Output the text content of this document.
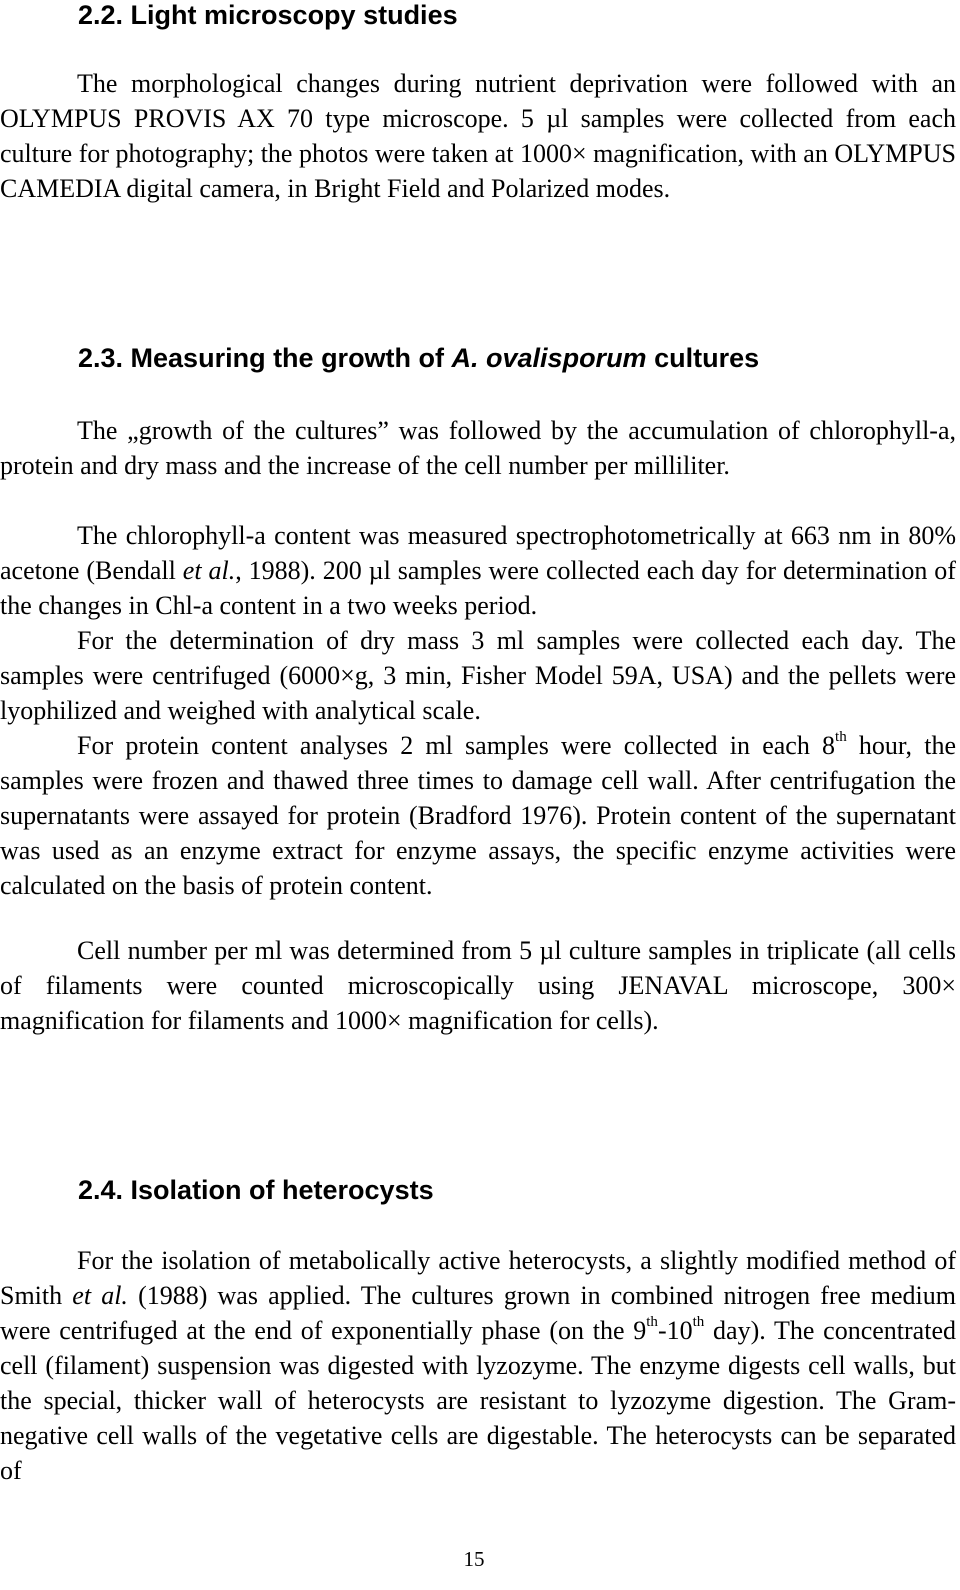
2.2. Light microscopy studies

The morphological changes during nutrient deprivation were followed with an OLYMPUS PROVIS AX 70 type microscope. 5 µl samples were collected from each culture for photography; the photos were taken at 1000× magnification, with an OLYMPUS CAMEDIA digital camera, in Bright Field and Polarized modes.

2.3. Measuring the growth of A. ovalisporum cultures

The „growth of the cultures” was followed by the accumulation of chlorophyll-a, protein and dry mass and the increase of the cell number per milliliter.

The chlorophyll-a content was measured spectrophotometrically at 663 nm in 80% acetone (Bendall et al., 1988). 200 µl samples were collected each day for determination of the changes in Chl-a content in a two weeks period.

For the determination of dry mass 3 ml samples were collected each day. The samples were centrifuged (6000×g, 3 min, Fisher Model 59A, USA) and the pellets were lyophilized and weighed with analytical scale.

For protein content analyses 2 ml samples were collected in each 8th hour, the samples were frozen and thawed three times to damage cell wall. After centrifugation the supernatants were assayed for protein (Bradford 1976). Protein content of the supernatant was used as an enzyme extract for enzyme assays, the specific enzyme activities were calculated on the basis of protein content.

Cell number per ml was determined from 5 µl culture samples in triplicate (all cells of filaments were counted microscopically using JENAVAL microscope, 300× magnification for filaments and 1000× magnification for cells).

2.4. Isolation of heterocysts

For the isolation of metabolically active heterocysts, a slightly modified method of Smith et al. (1988) was applied. The cultures grown in combined nitrogen free medium were centrifuged at the end of exponentially phase (on the 9th-10th day). The concentrated cell (filament) suspension was digested with lyzozyme. The enzyme digests cell walls, but the special, thicker wall of heterocysts are resistant to lyzozyme digestion. The Gram-negative cell walls of the vegetative cells are digestable. The heterocysts can be separated of

15
